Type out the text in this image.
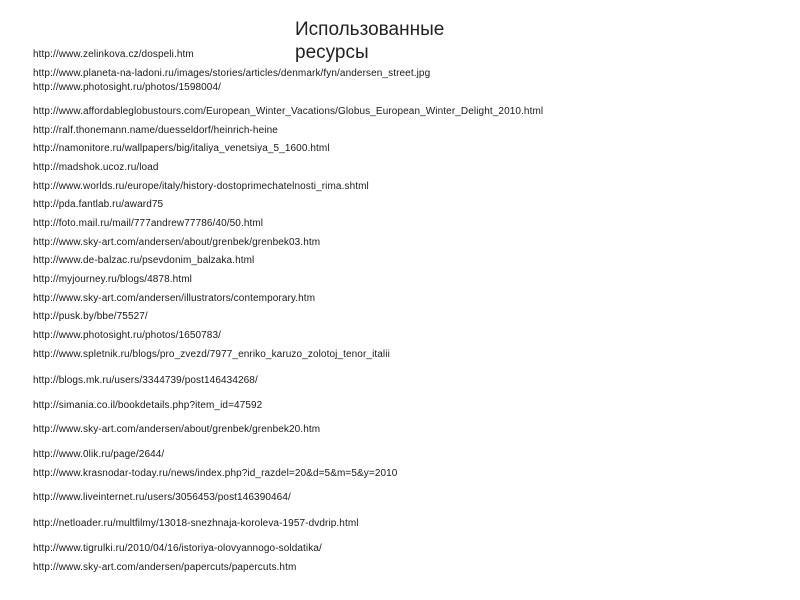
Использованные ресурсы
http://www.zelinkova.cz/dospeli.htm
http://www.planeta-na-ladoni.ru/images/stories/articles/denmark/fyn/andersen_street.jpg
http://www.photosight.ru/photos/1598004/
http://www.affordableglobustours.com/European_Winter_Vacations/Globus_European_Winter_Delight_2010.html
http://ralf.thonemann.name/duesseldorf/heinrich-heine
http://namonitore.ru/wallpapers/big/italiya_venetsiya_5_1600.html
http://madshok.ucoz.ru/load
http://www.worlds.ru/europe/italy/history-dostoprimechatelnosti_rima.shtml
http://pda.fantlab.ru/award75
http://foto.mail.ru/mail/777andrew77786/40/50.html
http://www.sky-art.com/andersen/about/grenbek/grenbek03.htm
http://www.de-balzac.ru/psevdonim_balzaka.html
http://myjourney.ru/blogs/4878.html
http://www.sky-art.com/andersen/illustrators/contemporary.htm
http://pusk.by/bbe/75527/
http://www.photosight.ru/photos/1650783/
http://www.spletnik.ru/blogs/pro_zvezd/7977_enriko_karuzo_zolotoj_tenor_italii
http://blogs.mk.ru/users/3344739/post146434268/
http://simania.co.il/bookdetails.php?item_id=47592
http://www.sky-art.com/andersen/about/grenbek/grenbek20.htm
http://www.0lik.ru/page/2644/
http://www.krasnodar-today.ru/news/index.php?id_razdel=20&d=5&m=5&y=2010
http://www.liveinternet.ru/users/3056453/post146390464/
http://netloader.ru/multfilmy/13018-snezhnaja-koroleva-1957-dvdrip.html
http://www.tigrulki.ru/2010/04/16/istoriya-olovyannogo-soldatika/
http://www.sky-art.com/andersen/papercuts/papercuts.htm
